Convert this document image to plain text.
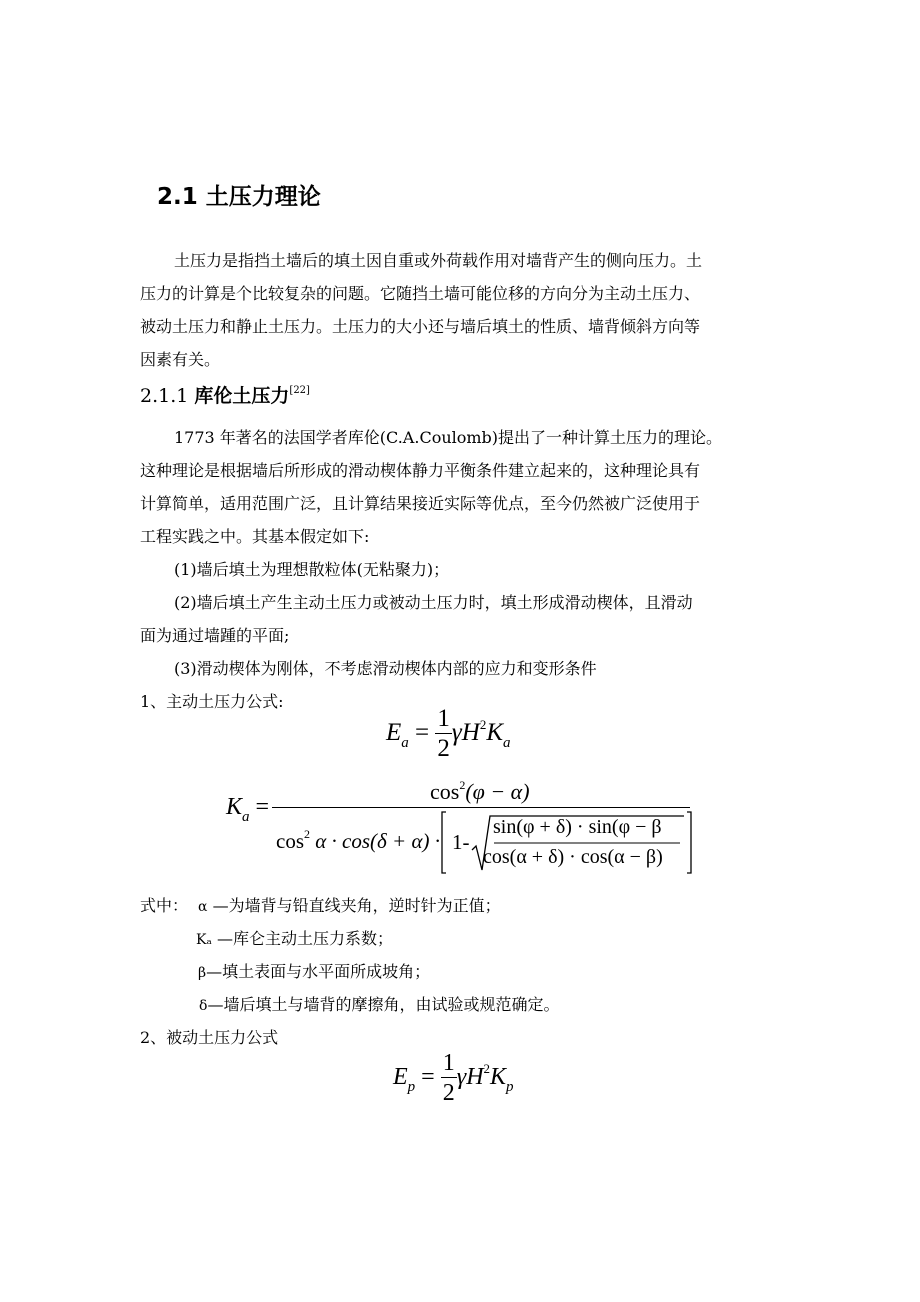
2.1 土压力理论
土压力是指挡土墙后的填土因自重或外荷载作用对墙背产生的侧向压力。土
压力的计算是个比较复杂的问题。它随挡土墙可能位移的方向分为主动土压力、
被动土压力和静止土压力。土压力的大小还与墙后填土的性质、墙背倾斜方向等
因素有关。
2.1.1 库伦土压力[22]
1773 年著名的法国学者库伦(C.A.Coulomb)提出了一种计算土压力的理论。
这种理论是根据墙后所形成的滑动楔体静力平衡条件建立起来的，这种理论具有
计算简单，适用范围广泛，且计算结果接近实际等优点，至今仍然被广泛使用于
工程实践之中。其基本假定如下:
(1)墙后填土为理想散粒体(无粘聚力)；
(2)墙后填土产生主动土压力或被动土压力时，填土形成滑动楔体，且滑动
面为通过墙踵的平面;
(3)滑动楔体为刚体，不考虑滑动楔体内部的应力和变形条件
1、主动土压力公式:
$E_a = \frac{1}{2} \gamma H^2K_a$
$K_a$ =
$\cos^2(\varphi - \alpha)$
$\cos^2 \alpha \cdot \cos(\delta + \alpha) \cdot 1-$
sin(φ + δ) · sin(φ − β
cos(α + δ) · cos(α − β)
式中： α —为墙背与铅直线夹角，逆时针为正值；
Kₐ —库仑主动土压力系数；
β—填土表面与水平面所成坡角；
δ—墙后填土与墙背的摩擦角，由试验或规范确定。
2、被动土压力公式
$E_p = \frac{1}{2} \gamma H^2K_p$
